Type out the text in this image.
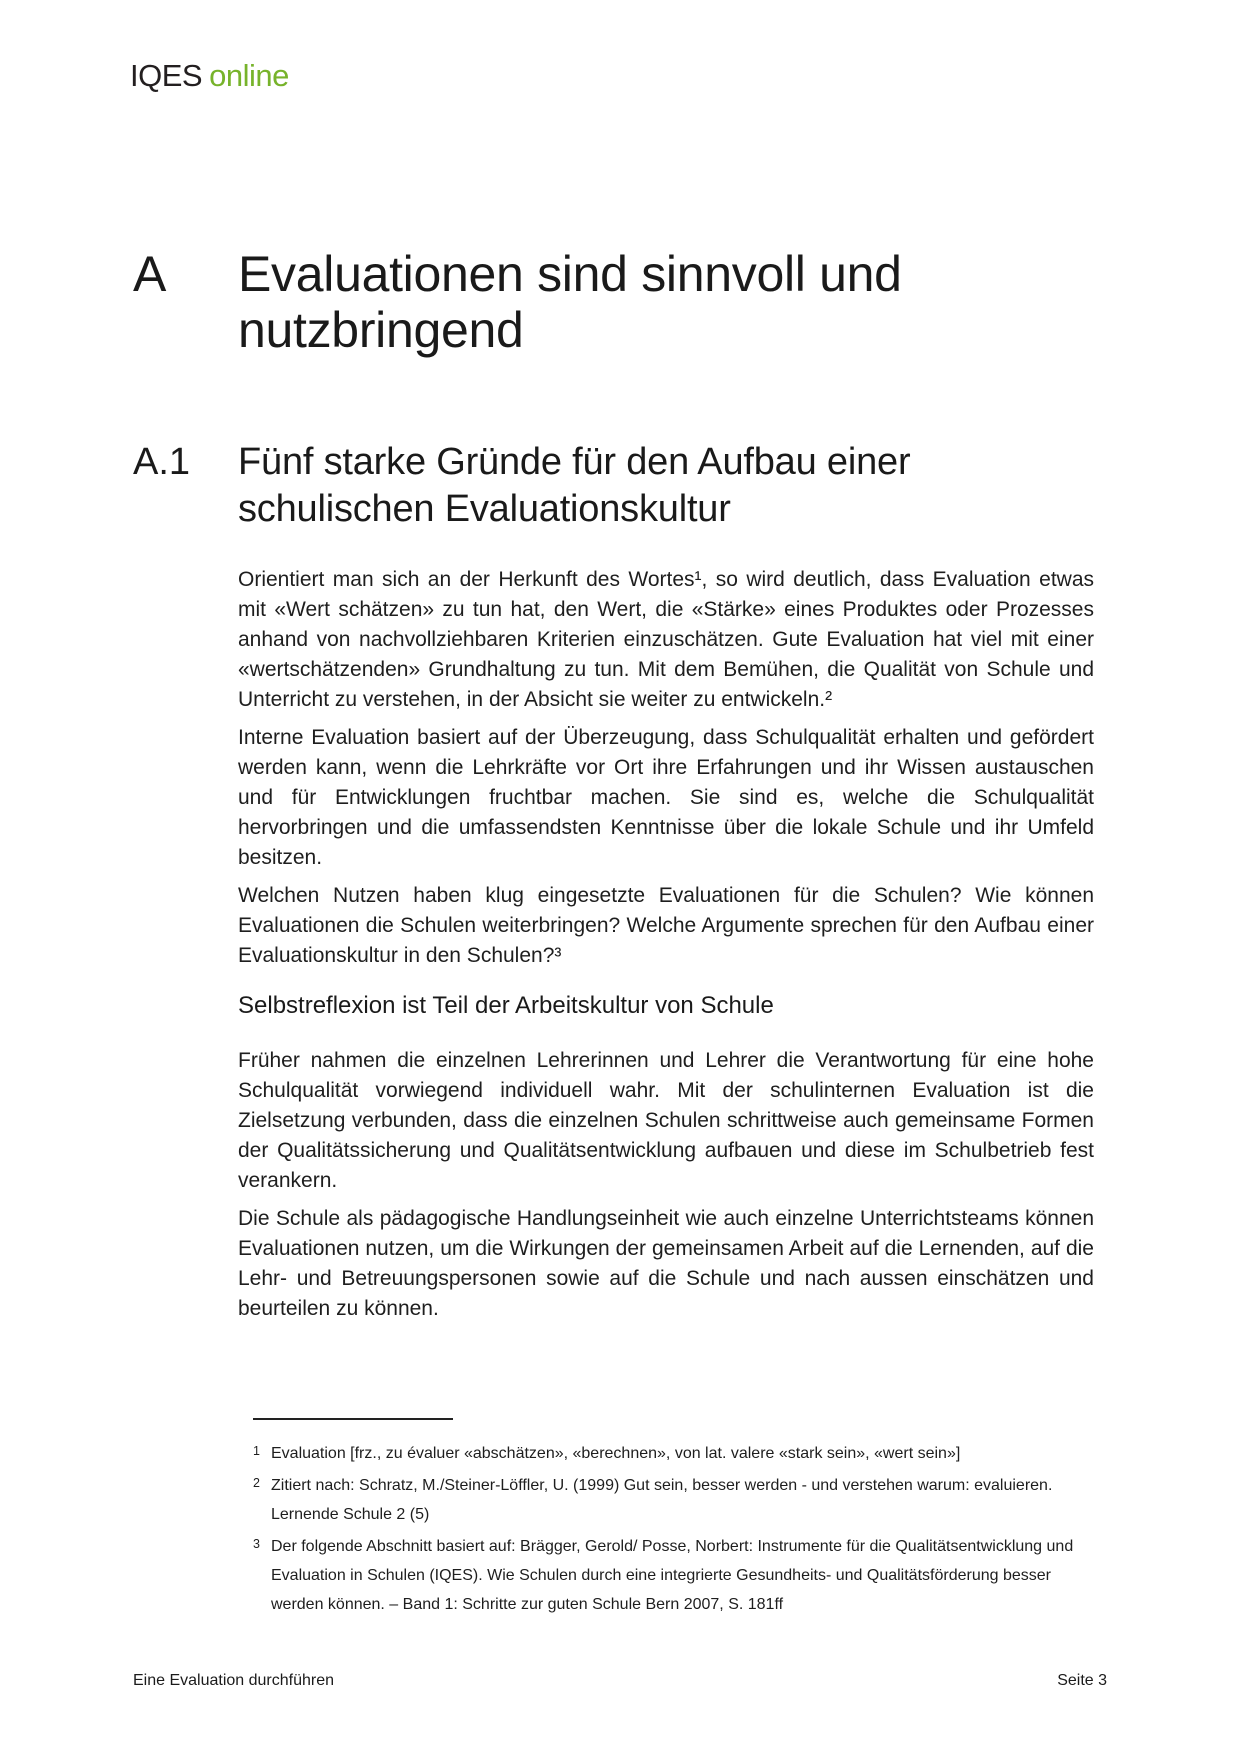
IQES online
A	Evaluationen sind sinnvoll und nutzbringend
A.1	Fünf starke Gründe für den Aufbau einer schulischen Evaluationskultur

Orientiert man sich an der Herkunft des Wortes¹, so wird deutlich, dass Evaluation etwas mit «Wert schätzen» zu tun hat, den Wert, die «Stärke» eines Produktes oder Prozesses anhand von nachvollziehbaren Kriterien einzuschätzen. Gute Evaluation hat viel mit einer «wertschätzenden» Grundhaltung zu tun. Mit dem Bemühen, die Qualität von Schule und Unterricht zu verstehen, in der Absicht sie weiter zu entwickeln.²

Interne Evaluation basiert auf der Überzeugung, dass Schulqualität erhalten und gefördert werden kann, wenn die Lehrkräfte vor Ort ihre Erfahrungen und ihr Wissen austauschen und für Entwicklungen fruchtbar machen. Sie sind es, welche die Schulqualität hervorbringen und die umfassendsten Kenntnisse über die lokale Schule und ihr Umfeld besitzen.

Welchen Nutzen haben klug eingesetzte Evaluationen für die Schulen? Wie können Evaluationen die Schulen weiterbringen? Welche Argumente sprechen für den Aufbau einer Evaluationskultur in den Schulen?³

Selbstreflexion ist Teil der Arbeitskultur von Schule

Früher nahmen die einzelnen Lehrerinnen und Lehrer die Verantwortung für eine hohe Schulqualität vorwiegend individuell wahr. Mit der schulinternen Evaluation ist die Zielsetzung verbunden, dass die einzelnen Schulen schrittweise auch gemeinsame Formen der Qualitätssicherung und Qualitätsentwicklung aufbauen und diese im Schulbetrieb fest verankern.

Die Schule als pädagogische Handlungseinheit wie auch einzelne Unterrichtsteams können Evaluationen nutzen, um die Wirkungen der gemeinsamen Arbeit auf die Lernenden, auf die Lehr- und Betreuungspersonen sowie auf die Schule und nach aussen einschätzen und beurteilen zu können.

1 Evaluation [frz., zu évaluer «abschätzen», «berechnen», von lat. valere «stark sein», «wert sein»]
2 Zitiert nach: Schratz, M./Steiner-Löffler, U. (1999) Gut sein, besser werden - und verstehen warum: evaluieren. Lernende Schule 2 (5)
3 Der folgende Abschnitt basiert auf: Brägger, Gerold/ Posse, Norbert: Instrumente für die Qualitätsentwicklung und Evaluation in Schulen (IQES). Wie Schulen durch eine integrierte Gesundheits- und Qualitätsförderung besser werden können. – Band 1: Schritte zur guten Schule Bern 2007, S. 181ff
Eine Evaluation durchführen	Seite 3
